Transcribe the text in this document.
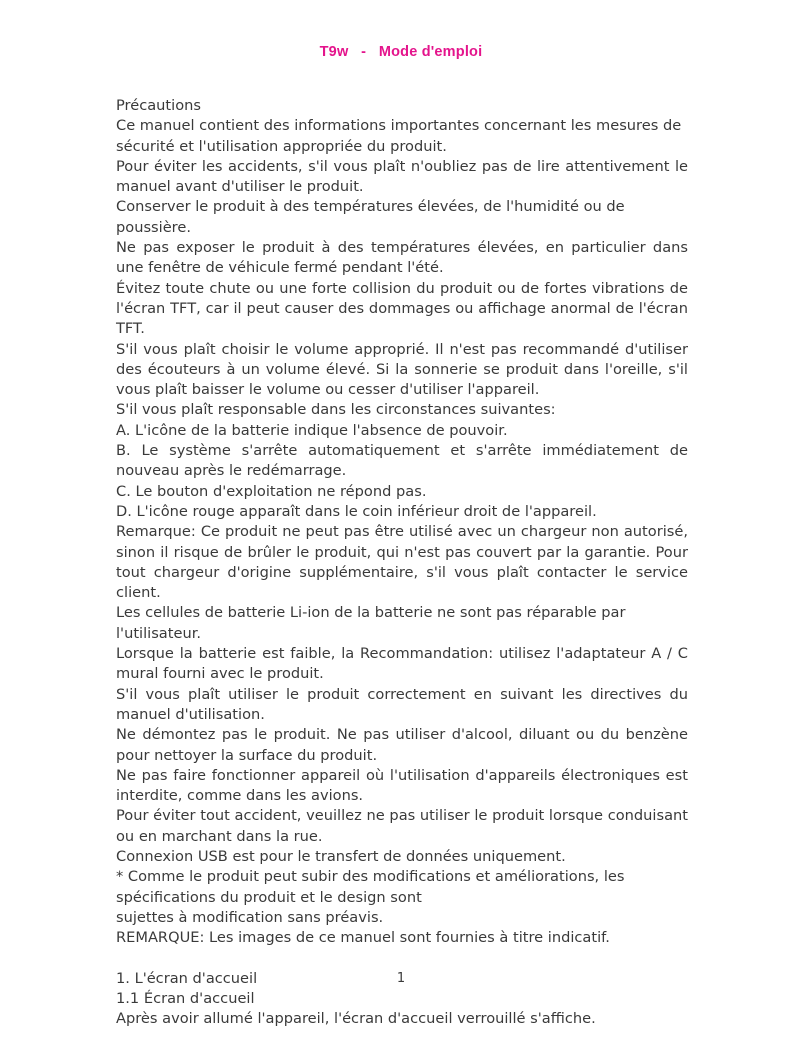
T9w   -   Mode d'emploi

Précautions

Ce manuel contient des informations importantes concernant les mesures de sécurité et l'utilisation appropriée du produit.

Pour éviter les accidents, s'il vous plaît n'oubliez pas de lire attentivement le manuel avant d'utiliser le produit.

Conserver le produit à des températures élevées, de l'humidité ou de poussière.

Ne pas exposer le produit à des températures élevées, en particulier dans une fenêtre de véhicule fermé pendant l'été.

Évitez toute chute ou une forte collision du produit ou de fortes vibrations de l'écran TFT, car il peut causer des dommages ou affichage anormal de l'écran TFT.

S'il vous plaît choisir le volume approprié. Il n'est pas recommandé d'utiliser des écouteurs à un volume élevé. Si la sonnerie se produit dans l'oreille, s'il vous plaît baisser le volume ou cesser d'utiliser l'appareil.

S'il vous plaît responsable dans les circonstances suivantes:

A. L'icône de la batterie indique l'absence de pouvoir.

B. Le système s'arrête automatiquement et s'arrête immédiatement de nouveau après le redémarrage.

C. Le bouton d'exploitation ne répond pas.

D. L'icône rouge apparaît dans le coin inférieur droit de l'appareil.

Remarque: Ce produit ne peut pas être utilisé avec un chargeur non autorisé, sinon il risque de brûler le produit, qui n'est pas couvert par la garantie. Pour tout chargeur d'origine supplémentaire, s'il vous plaît contacter le service client.

Les cellules de batterie Li-ion de la batterie ne sont pas réparable par l'utilisateur.

Lorsque la batterie est faible, la Recommandation: utilisez l'adaptateur A / C mural fourni avec le produit.

S'il vous plaît utiliser le produit correctement en suivant les directives du manuel d'utilisation.

Ne démontez pas le produit. Ne pas utiliser d'alcool, diluant ou du benzène pour nettoyer la surface du produit.

Ne pas faire fonctionner appareil où l'utilisation d'appareils électroniques est interdite, comme dans les avions.

Pour éviter tout accident, veuillez ne pas utiliser le produit lorsque conduisant ou en marchant dans la rue.

Connexion USB est pour le transfert de données uniquement.

* Comme le produit peut subir des modifications et améliorations, les spécifications du produit et le design sont

sujettes à modification sans préavis.

REMARQUE: Les images de ce manuel sont fournies à titre indicatif.

1. L'écran d'accueil

1.1 Écran d'accueil

Après avoir allumé l'appareil, l'écran d'accueil verrouillé s'affiche.

1
